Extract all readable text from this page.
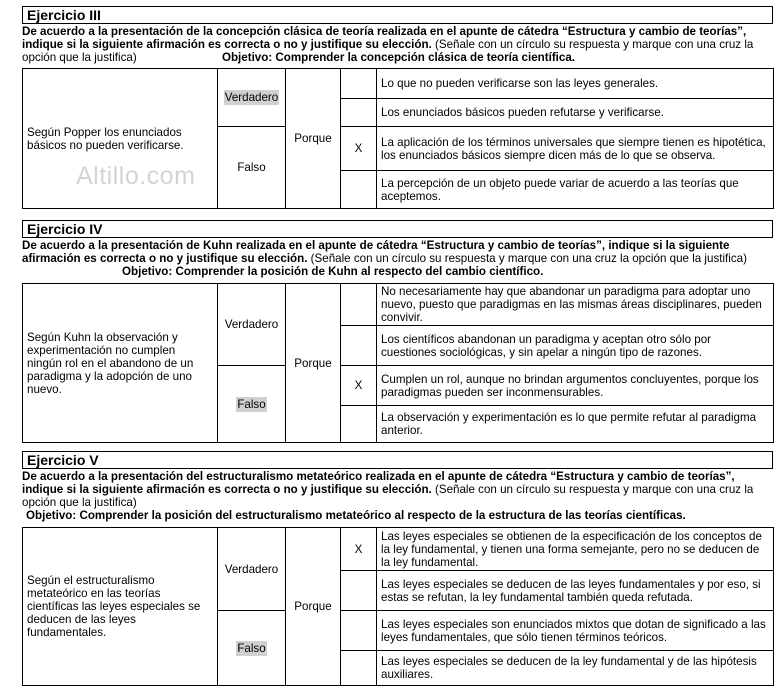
Ejercicio III
De acuerdo a la presentación de la concepción clásica de teoría realizada en el apunte de cátedra “Estructura y cambio de teorías”, indique si la siguiente afirmación es correcta o no y justifique su elección. (Señale con un círculo su respuesta y marque con una cruz la opción que la justifica)	Objetivo: Comprender la concepción clásica de teoría científica.
Según Popper los enunciados básicos no pueden verificarse.	Verdadero	Porque		Lo que no pueden verificarse son las leyes generales.
				Los enunciados básicos pueden refutarse y verificarse.
	Falso		X	La aplicación de los términos universales que siempre tienen es hipotética, los enunciados básicos siempre dicen más de lo que se observa.
				La percepción de un objeto puede variar de acuerdo a las teorías que aceptemos.
Altillo.com
Ejercicio IV
De acuerdo a la presentación de Kuhn realizada en el apunte de cátedra “Estructura y cambio de teorías”, indique si la siguiente afirmación es correcta o no y justifique su elección. (Señale con un círculo su respuesta y marque con una cruz la opción que la justifica) Objetivo: Comprender la posición de Kuhn al respecto del cambio científico.
Según Kuhn la observación y experimentación no cumplen ningún rol en el abandono de un paradigma y la adopción de uno nuevo.	Verdadero	Porque		No necesariamente hay que abandonar un paradigma para adoptar uno nuevo, puesto que paradigmas en las mismas áreas disciplinares, pueden convivir.
				Los científicos abandonan un paradigma y aceptan otro sólo por cuestiones sociológicas, y sin apelar a ningún tipo de razones.
	Falso		X	Cumplen un rol, aunque no brindan argumentos concluyentes, porque los paradigmas pueden ser inconmensurables.
				La observación y experimentación es lo que permite refutar al paradigma anterior.
Ejercicio V
De acuerdo a la presentación del estructuralismo metateórico realizada en el apunte de cátedra “Estructura y cambio de teorías”, indique si la siguiente afirmación es correcta o no y justifique su elección. (Señale con un círculo su respuesta y marque con una cruz la opción que la justifica)
Objetivo: Comprender la posición del estructuralismo metateórico al respecto de la estructura de las teorías científicas.
Según el estructuralismo metateórico en las teorías científicas las leyes especiales se deducen de las leyes fundamentales.	Verdadero	Porque	X	Las leyes especiales se obtienen de la especificación de los conceptos de la ley fundamental, y tienen una forma semejante, pero no se deducen de la ley fundamental.
				Las leyes especiales se deducen de las leyes fundamentales y por eso, si estas se refutan, la ley fundamental también queda refutada.
	Falso			Las leyes especiales son enunciados mixtos que dotan de significado a las leyes fundamentales, que sólo tienen términos teóricos.
				Las leyes especiales se deducen de la ley fundamental y de las hipótesis auxiliares.
